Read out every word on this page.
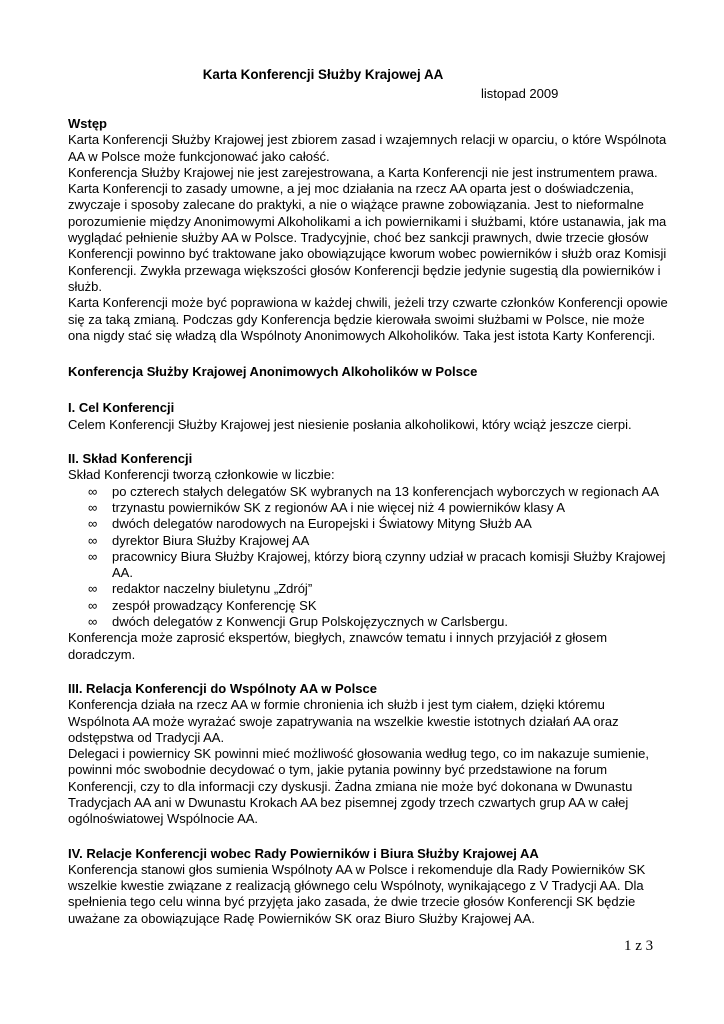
Karta Konferencji Służby Krajowej AA
listopad 2009

Wstęp

Karta Konferencji Służby Krajowej jest zbiorem zasad i wzajemnych relacji w oparciu, o które Wspólnota AA w Polsce może funkcjonować jako całość.

Konferencja Służby Krajowej nie jest zarejestrowana, a Karta Konferencji nie jest instrumentem prawa. Karta Konferencji to zasady umowne, a jej moc działania na rzecz AA oparta jest o doświadczenia, zwyczaje i sposoby zalecane do praktyki, a nie o wiążące prawne zobowiązania. Jest to nieformalne porozumienie między Anonimowymi Alkoholikami a ich powiernikami i służbami, które ustanawia, jak ma wyglądać pełnienie służby AA w Polsce. Tradycyjnie, choć bez sankcji prawnych, dwie trzecie głosów Konferencji powinno być traktowane jako obowiązujące kworum wobec powierników i służb oraz Komisji Konferencji. Zwykła przewaga większości głosów Konferencji będzie jedynie sugestią dla powierników i służb.

Karta Konferencji może być poprawiona w każdej chwili, jeżeli trzy czwarte członków Konferencji opowie się za taką zmianą. Podczas gdy Konferencja będzie kierowała swoimi służbami w Polsce, nie może ona nigdy stać się władzą dla Wspólnoty Anonimowych Alkoholików. Taka jest istota Karty Konferencji.

Konferencja Służby Krajowej Anonimowych Alkoholików w Polsce

I. Cel Konferencji

Celem Konferencji Służby Krajowej jest niesienie posłania alkoholikowi, który wciąż jeszcze cierpi.

II. Skład Konferencji

Skład Konferencji tworzą członkowie w liczbie:

∞ po czterech stałych delegatów SK wybranych na 13 konferencjach wyborczych w regionach AA
∞ trzynastu powierników SK z regionów AA i nie więcej niż 4 powierników klasy A
∞ dwóch delegatów narodowych na Europejski i Światowy Mityng Służb AA
∞ dyrektor Biura Służby Krajowej AA
∞ pracownicy Biura Służby Krajowej, którzy biorą czynny udział w pracach komisji Służby Krajowej AA.
∞ redaktor naczelny biuletynu „Zdrój”
∞ zespół prowadzący Konferencję SK
∞ dwóch delegatów z Konwencji Grup Polskojęzycznych w Carlsbergu.

Konferencja może zaprosić ekspertów, biegłych, znawców tematu i innych przyjaciół z głosem doradczym.

III. Relacja Konferencji do Wspólnoty AA w Polsce

Konferencja działa na rzecz AA w formie chronienia ich służb i jest tym ciałem, dzięki któremu Wspólnota AA może wyrażać swoje zapatrywania na wszelkie kwestie istotnych działań AA oraz odstępstwa od Tradycji AA.

Delegaci i powiernicy SK powinni mieć możliwość głosowania według tego, co im nakazuje sumienie, powinni móc swobodnie decydować o tym, jakie pytania powinny być przedstawione na forum Konferencji, czy to dla informacji czy dyskusji. Żadna zmiana nie może być dokonana w Dwunastu Tradycjach AA ani w Dwunastu Krokach AA bez pisemnej zgody trzech czwartych grup AA w całej ogólnoświatowej Wspólnocie AA.

IV. Relacje Konferencji wobec Rady Powierników i Biura Służby Krajowej AA

Konferencja stanowi głos sumienia Wspólnoty AA w Polsce i rekomenduje dla Rady Powierników SK wszelkie kwestie związane z realizacją głównego celu Wspólnoty, wynikającego z V Tradycji AA. Dla spełnienia tego celu winna być przyjęta jako zasada, że dwie trzecie głosów Konferencji SK będzie uważane za obowiązujące Radę Powierników SK oraz Biuro Służby Krajowej AA.

1 z 3
